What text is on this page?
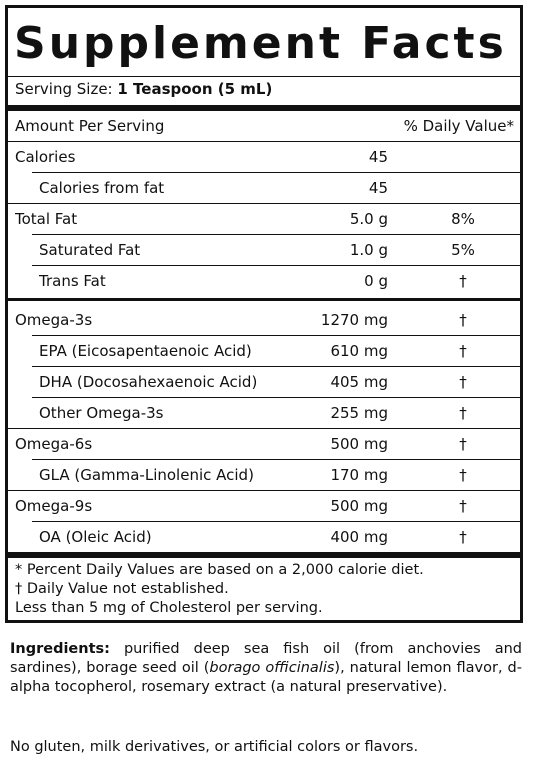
Supplement Facts
Serving Size: 1 Teaspoon (5 mL)
Amount Per Serving	% Daily Value*
Calories	45
Calories from fat	45
Total Fat	5.0 g	8%
Saturated Fat	1.0 g	5%
Trans Fat	0 g	†
Omega-3s	1270 mg	†
EPA (Eicosapentaenoic Acid)	610 mg	†
DHA (Docosahexaenoic Acid)	405 mg	†
Other Omega-3s	255 mg	†
Omega-6s	500 mg	†
GLA (Gamma-Linolenic Acid)	170 mg	†
Omega-9s	500 mg	†
OA (Oleic Acid)	400 mg	†
* Percent Daily Values are based on a 2,000 calorie diet.
† Daily Value not established.
Less than 5 mg of Cholesterol per serving.
Ingredients: purified deep sea fish oil (from anchovies and sardines), borage seed oil (borago officinalis), natural lemon flavor, d-alpha tocopherol, rosemary extract (a natural preservative).
No gluten, milk derivatives, or artificial colors or flavors.
